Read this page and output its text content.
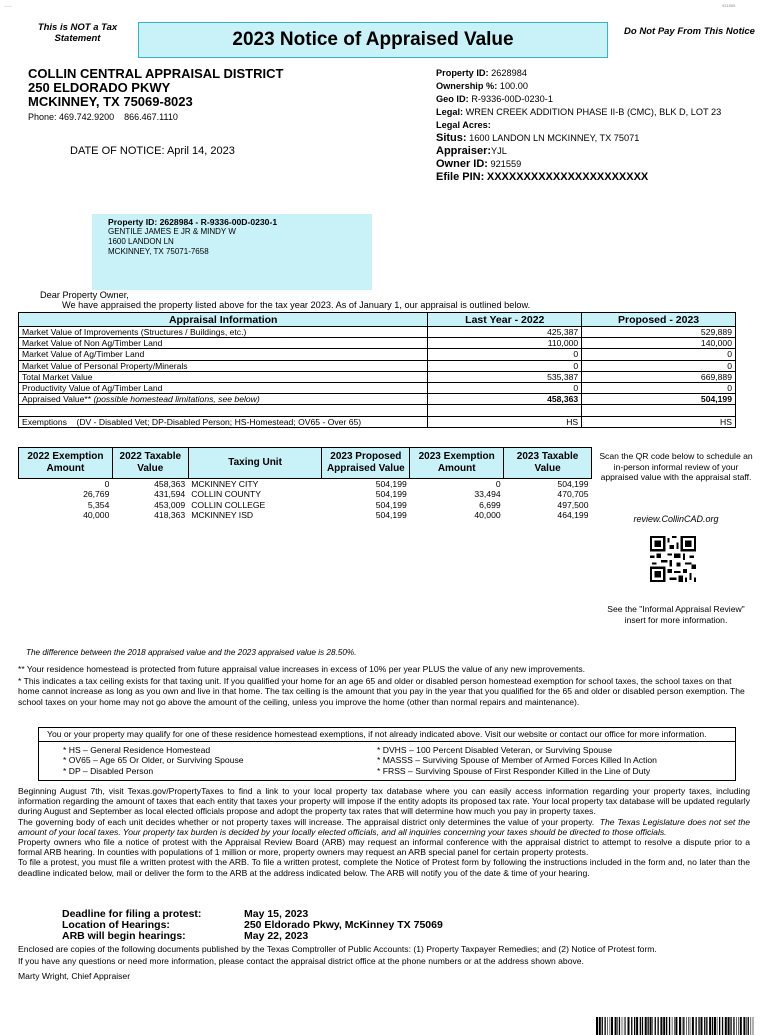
------	921559
This is NOT a Tax Statement	2023 Notice of Appraised Value	Do Not Pay From This Notice
COLLIN CENTRAL APPRAISAL DISTRICT
250 ELDORADO PKWY
MCKINNEY, TX 75069-8023
Phone: 469.742.9200 866.467.1110
DATE OF NOTICE: April 14, 2023
Property ID: 2628984
Ownership %: 100.00
Geo ID: R-9336-00D-0230-1
Legal: WREN CREEK ADDITION PHASE II-B (CMC), BLK D, LOT 23
Legal Acres:
Situs: 1600 LANDON LN MCKINNEY, TX 75071
Appraiser:YJL
Owner ID: 921559
Efile PIN: XXXXXXXXXXXXXXXXXXXXXX
Property ID: 2628984 - R-9336-00D-0230-1
GENTILE JAMES E JR & MINDY W
1600 LANDON LN
MCKINNEY, TX 75071-7658
Dear Property Owner,
We have appraised the property listed above for the tax year 2023. As of January 1, our appraisal is outlined below.
Appraisal Information	Last Year - 2022	Proposed - 2023
Market Value of Improvements (Structures / Buildings, etc.)	425,387	529,889
Market Value of Non Ag/Timber Land	110,000	140,000
Market Value of Ag/Timber Land	0	0
Market Value of Personal Property/Minerals	0	0
Total Market Value	535,387	669,889
Productivity Value of Ag/Timber Land	0	0
Appraised Value** (possible homestead limitations, see below)	458,363	504,199

Exemptions (DV - Disabled Vet; DP-Disabled Person; HS-Homestead; OV65 - Over 65)	HS	HS
2022 Exemption Amount	2022 Taxable Value	Taxing Unit	2023 Proposed Appraised Value	2023 Exemption Amount	2023 Taxable Value
0	458,363	MCKINNEY CITY	504,199	0	504,199
26,769	431,594	COLLIN COUNTY	504,199	33,494	470,705
5,354	453,009	COLLIN COLLEGE	504,199	6,699	497,500
40,000	418,363	MCKINNEY ISD	504,199	40,000	464,199
Scan the QR code below to schedule an in-person informal review of your appraised value with the appraisal staff.
review.CollinCAD.org
See the "Informal Appraisal Review" insert for more information.
The difference between the 2018 appraised value and the 2023 appraised value is 28.50%.
** Your residence homestead is protected from future appraisal value increases in excess of 10% per year PLUS the value of any new improvements.
* This indicates a tax ceiling exists for that taxing unit. If you qualified your home for an age 65 and older or disabled person homestead exemption for school taxes, the school taxes on that home cannot increase as long as you own and live in that home. The tax ceiling is the amount that you pay in the year that you qualified for the 65 and older or disabled person exemption. The school taxes on your home may not go above the amount of the ceiling, unless you improve the home (other than normal repairs and maintenance).
You or your property may qualify for one of these residence homestead exemptions, if not already indicated above. Visit our website or contact our office for more information.
* HS – General Residence Homestead
* OV65 – Age 65 Or Older, or Surviving Spouse
* DP – Disabled Person
* DVHS – 100 Percent Disabled Veteran, or Surviving Spouse
* MASSS – Surviving Spouse of Member of Armed Forces Killed In Action
* FRSS – Surviving Spouse of First Responder Killed in the Line of Duty

Beginning August 7th, visit Texas.gov/PropertyTaxes to find a link to your local property tax database where you can easily access information regarding your property taxes, including information regarding the amount of taxes that each entity that taxes your property will impose if the entity adopts its proposed tax rate. Your local property tax database will be updated regularly during August and September as local elected officials propose and adopt the property tax rates that will determine how much you pay in property taxes.

The governing body of each unit decides whether or not property taxes will increase. The appraisal district only determines the value of your property. The Texas Legislature does not set the amount of your local taxes. Your property tax burden is decided by your locally elected officials, and all inquiries concerning your taxes should be directed to those officials.

Property owners who file a notice of protest with the Appraisal Review Board (ARB) may request an informal conference with the appraisal district to attempt to resolve a dispute prior to a formal ARB hearing. In counties with populations of 1 million or more, property owners may request an ARB special panel for certain property protests.

To file a protest, you must file a written protest with the ARB. To file a written protest, complete the Notice of Protest form by following the instructions included in the form and, no later than the deadline indicated below, mail or deliver the form to the ARB at the address indicated below. The ARB will notify you of the date & time of your hearing.

Deadline for filing a protest:	May 15, 2023
Location of Hearings:	250 Eldorado Pkwy, McKinney TX 75069
ARB will begin hearings:	May 22, 2023
Enclosed are copies of the following documents published by the Texas Comptroller of Public Accounts: (1) Property Taxpayer Remedies; and (2) Notice of Protest form.
If you have any questions or need more information, please contact the appraisal district office at the phone numbers or at the address shown above.
Marty Wright, Chief Appraiser
